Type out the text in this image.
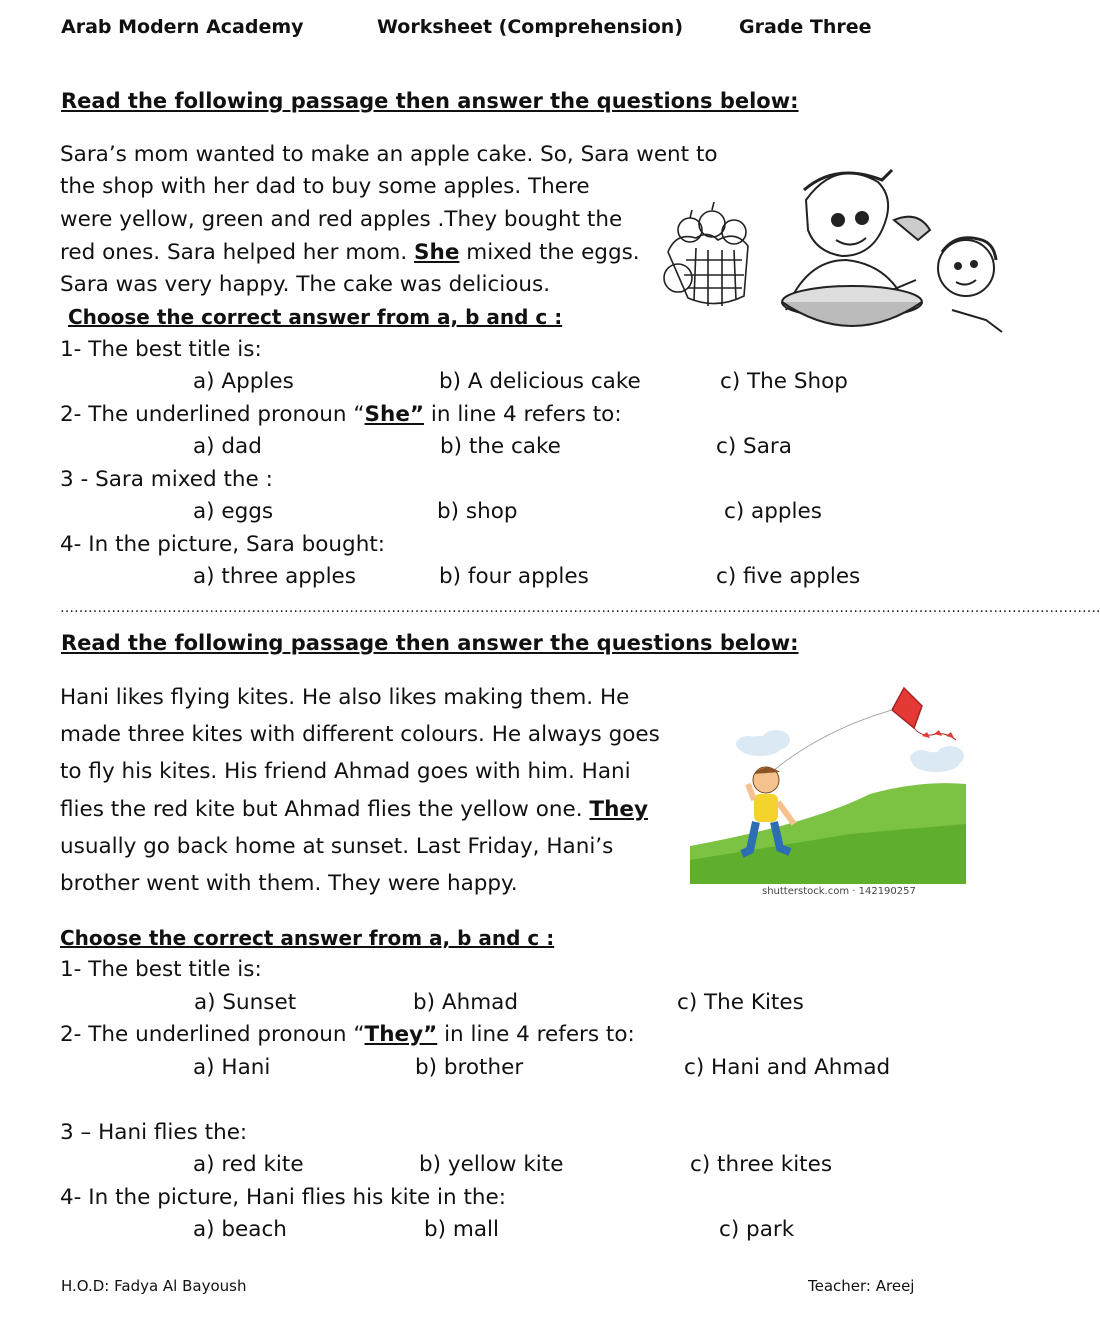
Arab Modern Academy	Worksheet (Comprehension)	Grade Three
Read the following passage then answer the questions below:
Sara’s mom wanted to make an apple cake. So, Sara went to
the shop with her dad to buy some apples. There
were yellow, green and red apples .They bought the
red ones. Sara helped her mom. She mixed the eggs.
Sara was very happy. The cake was delicious.
Choose the correct answer from a, b and c :
1- The best title is:
a) Apples	b) A delicious cake	c) The Shop
2- The underlined pronoun “She” in line 4 refers to:
a) dad	b) the cake	c) Sara
3 - Sara mixed the :
a) eggs	b) shop	c) apples
4- In the picture, Sara bought:
a) three apples	b) four apples	c) five apples
…………………………………………………………………………………………………………………………………………………………………………………………………….
Read the following passage then answer the questions below:
Hani likes flying kites. He also likes making them. He
made three kites with different colours. He always goes
to fly his kites. His friend Ahmad goes with him. Hani
flies the red kite but Ahmad flies the yellow one. They
usually go back home at sunset. Last Friday, Hani’s
brother went with them. They were happy.	shutterstock.com · 142190257
Choose the correct answer from a, b and c :
1- The best title is:
a) Sunset	b) Ahmad	c) The Kites
2- The underlined pronoun “They” in line 4 refers to:
a) Hani	b) brother	c) Hani and Ahmad
3 – Hani flies the:
a) red kite	b) yellow kite	c) three kites
4- In the picture, Hani flies his kite in the:
a) beach	b) mall	c) park
H.O.D: Fadya Al Bayoush	Teacher: Areej
